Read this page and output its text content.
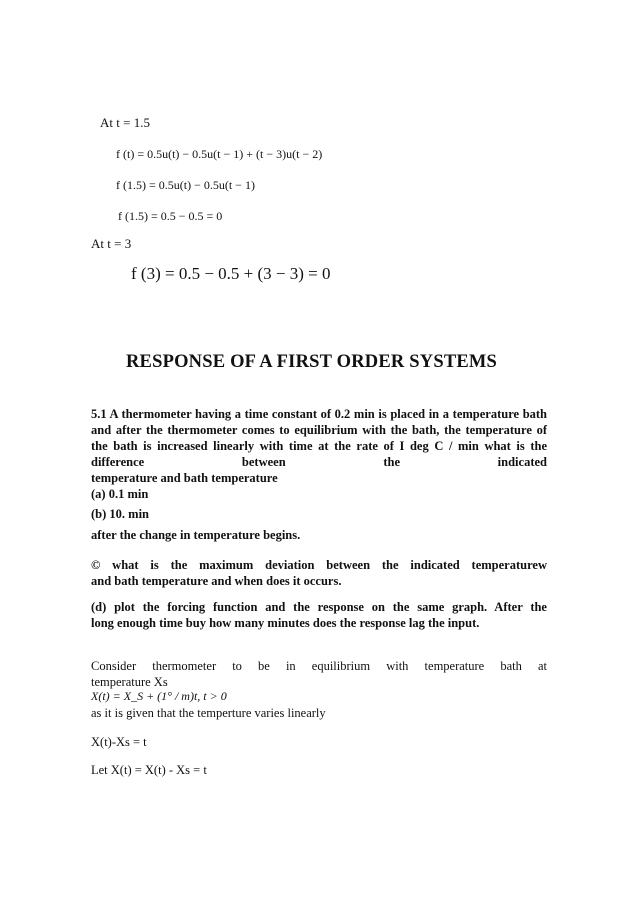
At t = 1.5
f (t) = 0.5u(t) − 0.5u(t − 1) + (t − 3)u(t − 2)
f (1.5) = 0.5u(t) − 0.5u(t − 1)
f (1.5) = 0.5 − 0.5 = 0
At t = 3
f (3) = 0.5 − 0.5 + (3 − 3) = 0
RESPONSE OF A FIRST ORDER SYSTEMS
5.1 A thermometer having a time constant of 0.2 min is placed in a temperature bath and after the thermometer comes to equilibrium with the bath, the temperature of the bath is increased linearly with time at the rate of I deg C / min what is the difference between the indicated
temperature and bath temperature
(a) 0.1 min
(b) 10. min
after the change in temperature begins.
© what is the maximum deviation between the indicated temperaturew
and bath temperature and when does it occurs.
(d) plot the forcing function and the response on the same graph. After the
long enough time buy how many minutes does the response lag the input.
Consider thermometer to be in equilibrium with temperature bath at
temperature Xs
X(t) = X_S + (1° / m)t, t > 0
as it is given that the temperture varies linearly
X(t)-Xs = t
Let X(t) = X(t) - Xs = t
